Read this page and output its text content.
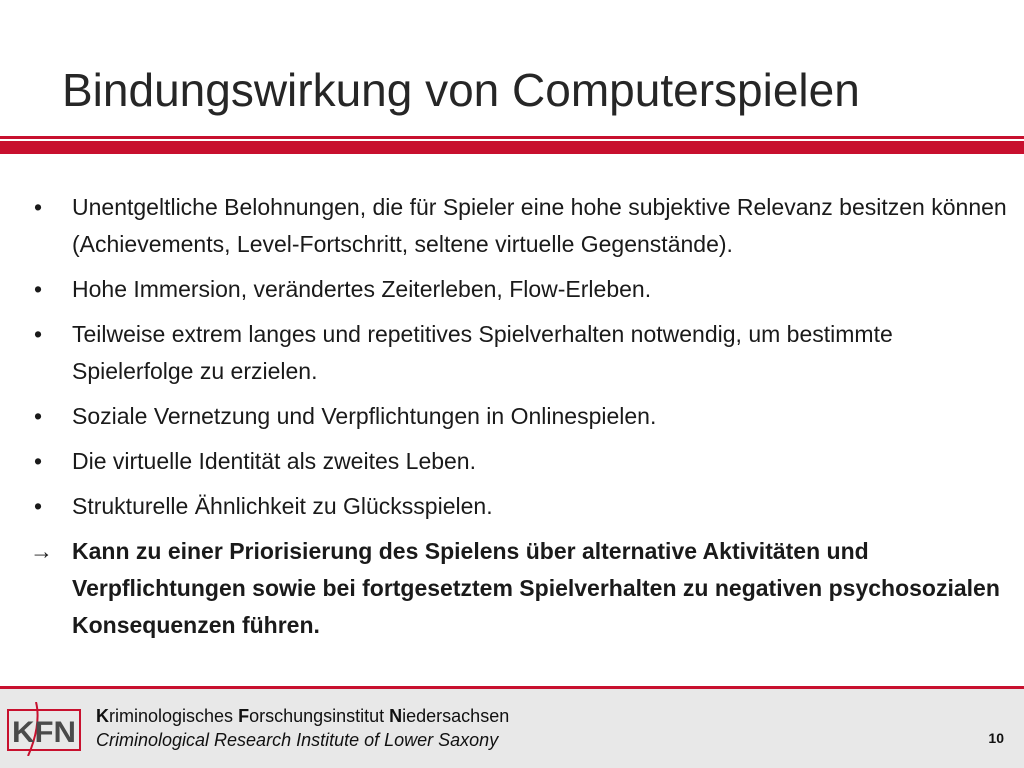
Bindungswirkung von Computerspielen
• Unentgeltliche Belohnungen, die für Spieler eine hohe subjektive Relevanz besitzen können (Achievements, Level-Fortschritt, seltene virtuelle Gegenstände).
• Hohe Immersion, verändertes Zeiterleben, Flow-Erleben.
• Teilweise extrem langes und repetitives Spielverhalten notwendig, um bestimmte Spielerfolge zu erzielen.
• Soziale Vernetzung und Verpflichtungen in Onlinespielen.
• Die virtuelle Identität als zweites Leben.
• Strukturelle Ähnlichkeit zu Glücksspielen.
→ Kann zu einer Priorisierung des Spielens über alternative Aktivitäten und Verpflichtungen sowie bei fortgesetztem Spielverhalten zu negativen psychosozialen Konsequenzen führen.
KFN Kriminologisches Forschungsinstitut Niedersachsen
Criminological Research Institute of Lower Saxony	10
